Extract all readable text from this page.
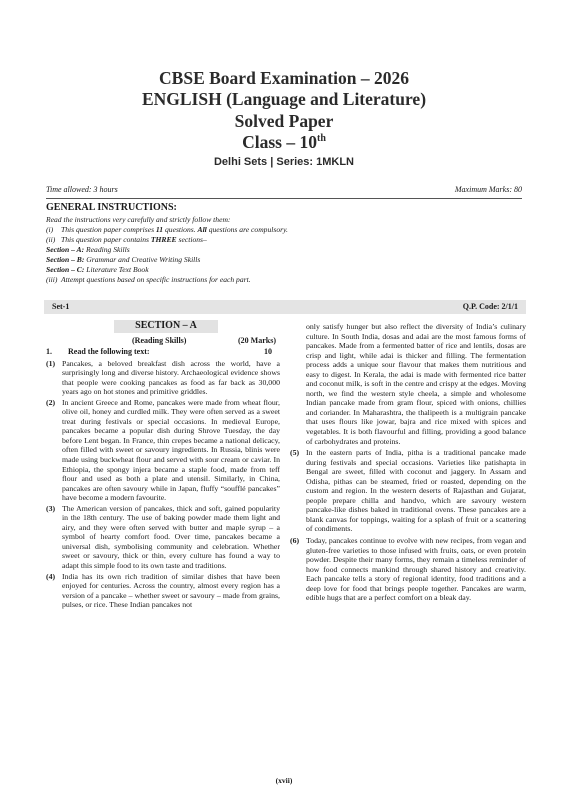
CBSE Board Examination – 2026
ENGLISH (Language and Literature)
Solved Paper
Class – 10th
Delhi Sets | Series: 1MKLN
Time allowed: 3 hours	Maximum Marks: 80
GENERAL INSTRUCTIONS:
Read the instructions very carefully and strictly follow them:
(i) This question paper comprises 11 questions. All questions are compulsory.
(ii) This question paper contains THREE sections–
Section – A: Reading Skills
Section – B: Grammar and Creative Writing Skills
Section – C: Literature Text Book
(iii) Attempt questions based on specific instructions for each part.
Set-1	Q.P. Code: 2/1/1
SECTION – A
(Reading Skills)	(20 Marks)
1. Read the following text:	10
(1) Pancakes, a beloved breakfast dish across the world, have a surprisingly long and diverse history. Archaeological evidence shows that people were cooking pancakes as food as far back as 30,000 years ago on hot stones and primitive griddles.
(2) In ancient Greece and Rome, pancakes were made from wheat flour, olive oil, honey and curdled milk. They were often served as a sweet treat during festivals or special occasions. In medieval Europe, pancakes became a popular dish during Shrove Tuesday, the day before Lent began. In France, thin crepes became a national delicacy, often filled with sweet or savoury ingredients. In Russia, blinis were made using buckwheat flour and served with sour cream or caviar. In Ethiopia, the spongy injera became a staple food, made from teff flour and used as both a plate and utensil. Similarly, in China, pancakes are often savoury while in Japan, fluffy “soufflé pancakes” have become a modern favourite.
(3) The American version of pancakes, thick and soft, gained popularity in the 18th century. The use of baking powder made them light and airy, and they were often served with butter and maple syrup – a symbol of hearty comfort food. Over time, pancakes became a universal dish, symbolising community and celebration. Whether sweet or savoury, thick or thin, every culture has found a way to adapt this simple food to its own taste and traditions.
(4) India has its own rich tradition of similar dishes that have been enjoyed for centuries. Across the country, almost every region has a version of a pancake – whether sweet or savoury – made from grains, pulses, or rice. These Indian pancakes not
only satisfy hunger but also reflect the diversity of India’s culinary culture. In South India, dosas and adai are the most famous forms of pancakes. Made from a fermented batter of rice and lentils, dosas are crisp and light, while adai is thicker and filling. The fermentation process adds a unique sour flavour that makes them nutritious and easy to digest. In Kerala, the adai is made with fermented rice batter and coconut milk, is soft in the centre and crispy at the edges. Moving north, we find the western style cheela, a simple and wholesome Indian pancake made from gram flour, spiced with onions, chillies and coriander. In Maharashtra, the thalipeeth is a multigrain pancake that uses flours like jowar, bajra and rice mixed with spices and vegetables. It is both flavourful and filling, providing a good balance of carbohydrates and proteins.
(5) In the eastern parts of India, pitha is a traditional pancake made during festivals and special occasions. Varieties like patishapta in Bengal are sweet, filled with coconut and jaggery. In Assam and Odisha, pithas can be steamed, fried or roasted, depending on the custom and region. In the western deserts of Rajasthan and Gujarat, people prepare chilla and handvo, which are savoury western pancake-like dishes baked in traditional ovens. These pancakes are a blank canvas for toppings, waiting for a splash of fruit or a scattering of condiments.
(6) Today, pancakes continue to evolve with new recipes, from vegan and gluten-free varieties to those infused with fruits, oats, or even protein powder. Despite their many forms, they remain a timeless reminder of how food connects mankind through shared history and creativity. Each pancake tells a story of regional identity, food traditions and a deep love for food that brings people together. Pancakes are warm, edible hugs that are a perfect comfort on a bleak day.
(xvii)
